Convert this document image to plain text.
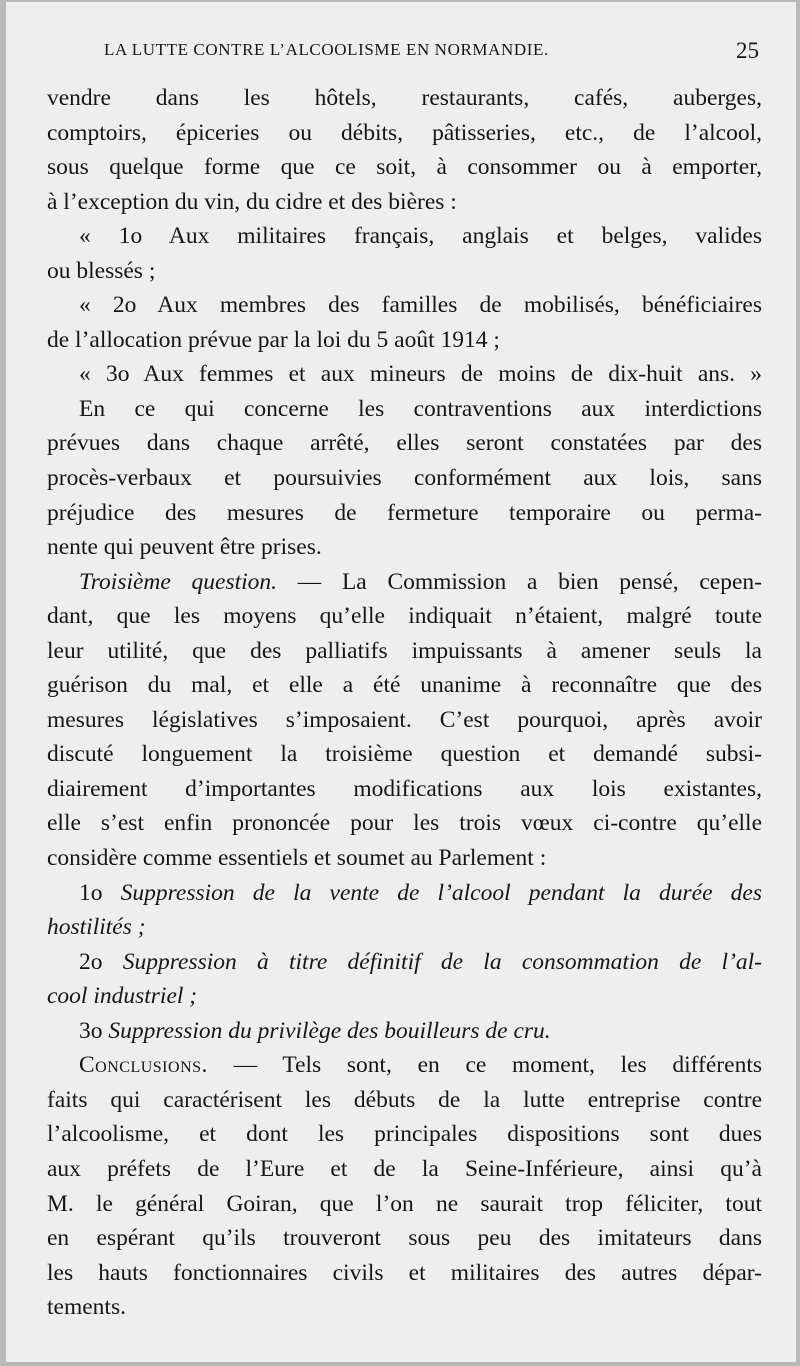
LA LUTTE CONTRE L’ALCOOLISME EN NORMANDIE.	25
vendre dans les hôtels, restaurants, cafés, auberges,
comptoirs, épiceries ou débits, pâtisseries, etc., de l’alcool,
sous quelque forme que ce soit, à consommer ou à emporter,
à l’exception du vin, du cidre et des bières :
« 1o Aux militaires français, anglais et belges, valides
ou blessés ;
« 2o Aux membres des familles de mobilisés, bénéficiaires
de l’allocation prévue par la loi du 5 août 1914 ;
« 3o Aux femmes et aux mineurs de moins de dix-huit ans. »
En ce qui concerne les contraventions aux interdictions
prévues dans chaque arrêté, elles seront constatées par des
procès-verbaux et poursuivies conformément aux lois, sans
préjudice des mesures de fermeture temporaire ou perma-
nente qui peuvent être prises.
Troisième question. — La Commission a bien pensé, cepen-
dant, que les moyens qu’elle indiquait n’étaient, malgré toute
leur utilité, que des palliatifs impuissants à amener seuls la
guérison du mal, et elle a été unanime à reconnaître que des
mesures législatives s’imposaient. C’est pourquoi, après avoir
discuté longuement la troisième question et demandé subsi-
diairement d’importantes modifications aux lois existantes,
elle s’est enfin prononcée pour les trois vœux ci-contre qu’elle
considère comme essentiels et soumet au Parlement :
1o Suppression de la vente de l’alcool pendant la durée des
hostilités ;
2o Suppression à titre définitif de la consommation de l’al-
cool industriel ;
3o Suppression du privilège des bouilleurs de cru.
Conclusions. — Tels sont, en ce moment, les différents
faits qui caractérisent les débuts de la lutte entreprise contre
l’alcoolisme, et dont les principales dispositions sont dues
aux préfets de l’Eure et de la Seine-Inférieure, ainsi qu’à
M. le général Goiran, que l’on ne saurait trop féliciter, tout
en espérant qu’ils trouveront sous peu des imitateurs dans
les hauts fonctionnaires civils et militaires des autres dépar-
tements.
